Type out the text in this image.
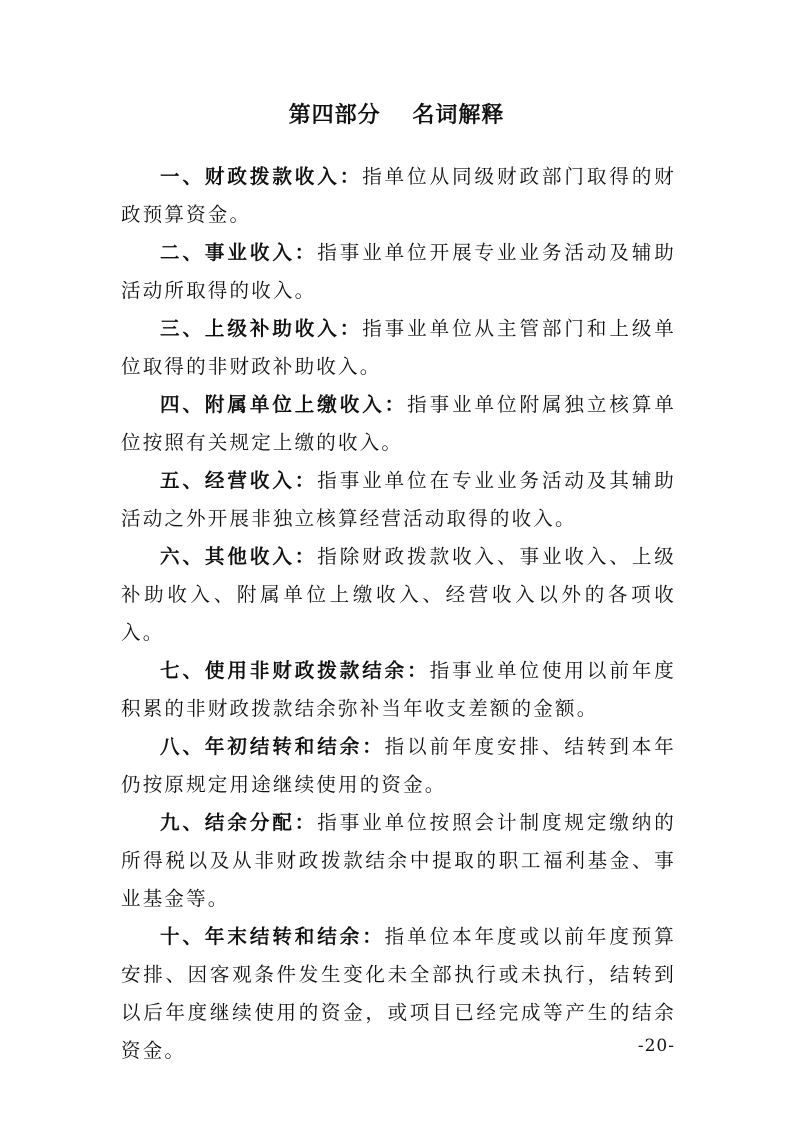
第四部分　 名词解释

一、财政拨款收入：指单位从同级财政部门取得的财政预算资金。

二、事业收入：指事业单位开展专业业务活动及辅助活动所取得的收入。

三、上级补助收入：指事业单位从主管部门和上级单位取得的非财政补助收入。

四、附属单位上缴收入：指事业单位附属独立核算单位按照有关规定上缴的收入。

五、经营收入：指事业单位在专业业务活动及其辅助活动之外开展非独立核算经营活动取得的收入。

六、其他收入：指除财政拨款收入、事业收入、上级补助收入、附属单位上缴收入、经营收入以外的各项收入。

七、使用非财政拨款结余：指事业单位使用以前年度积累的非财政拨款结余弥补当年收支差额的金额。

八、年初结转和结余：指以前年度安排、结转到本年仍按原规定用途继续使用的资金。

九、结余分配：指事业单位按照会计制度规定缴纳的所得税以及从非财政拨款结余中提取的职工福利基金、事业基金等。

十、年末结转和结余：指单位本年度或以前年度预算安排、因客观条件发生变化未全部执行或未执行，结转到以后年度继续使用的资金，或项目已经完成等产生的结余资金。	-20-
